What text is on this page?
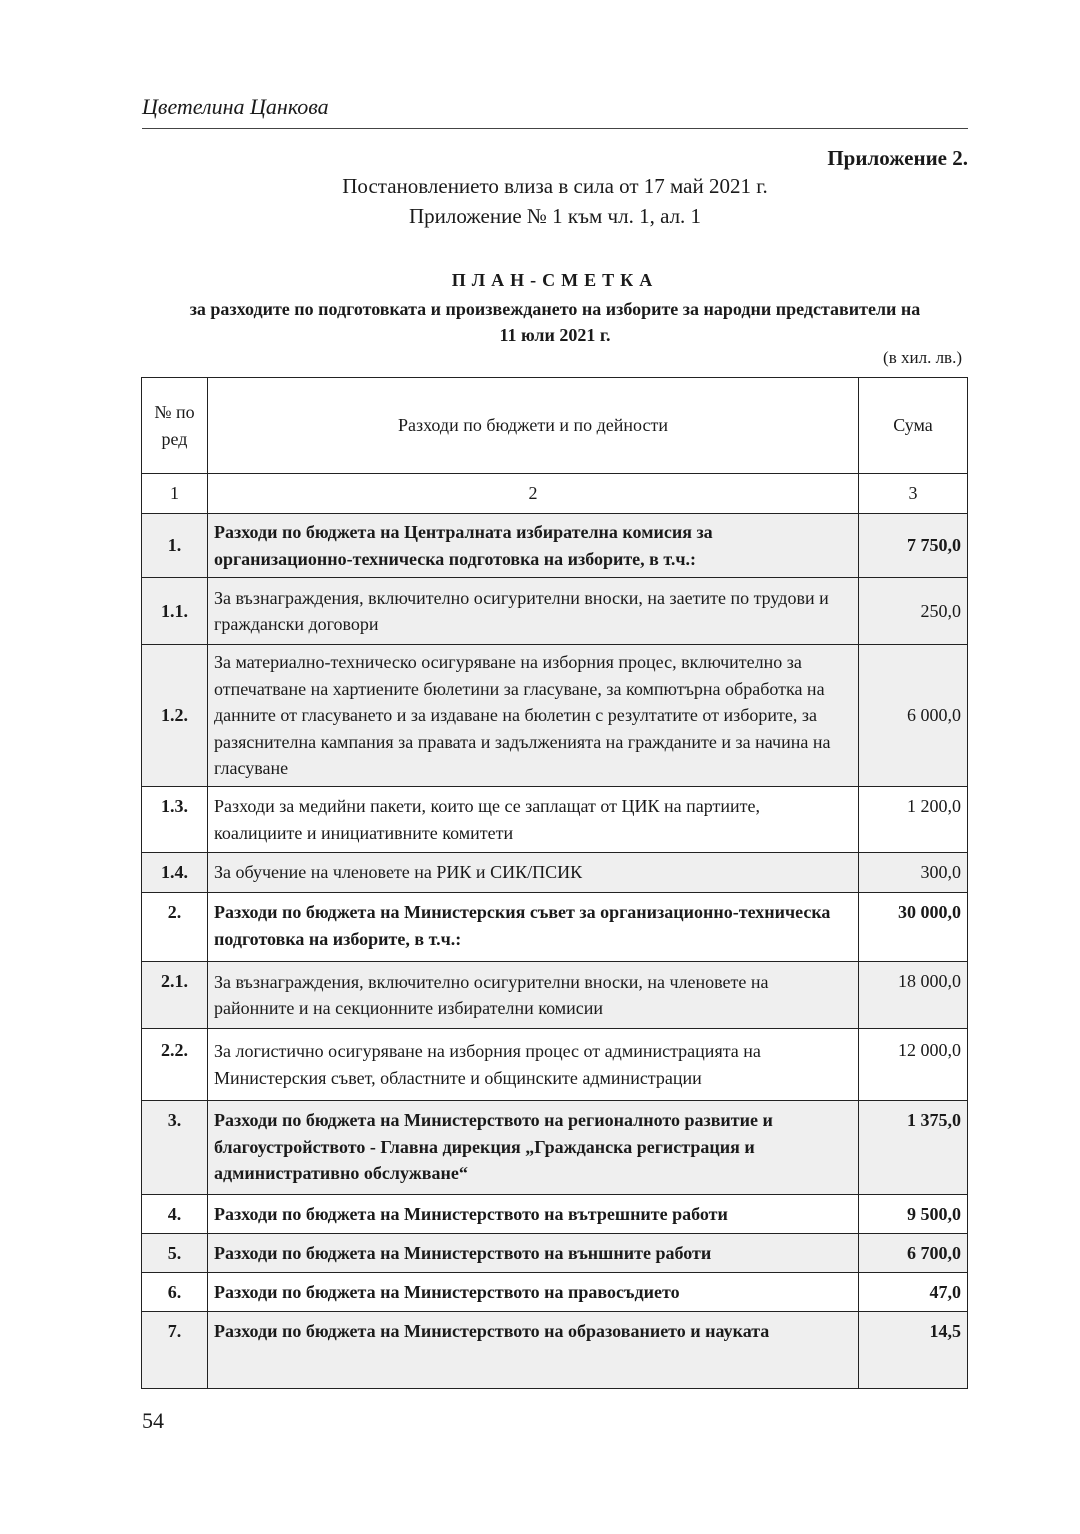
Цветелина Цанкова
Приложение 2.
Постановлението влиза в сила от 17 май 2021 г.
Приложение № 1 към чл. 1, ал. 1
ПЛАН-СМЕТКА
за разходите по подготовката и произвеждането на изборите за народни представители на 11 юли 2021 г.
(в хил. лв.)
№ по ред	Разходи по бюджети и по дейности	Сума
1	2	3
1.	Разходи по бюджета на Централната избирателна комисия за организационно-техническа подготовка на изборите, в т.ч.:	7 750,0
1.1.	За възнаграждения, включително осигурителни вноски, на заетите по трудови и граждански договори	250,0
1.2.	За материално-техническо осигуряване на изборния процес, включително за отпечатване на хартиените бюлетини за гласуване, за компютърна обработка на данните от гласуването и за издаване на бюлетин с резултатите от изборите, за разяснителна кампания за правата и задълженията на гражданите и за начина на гласуване	6 000,0
1.3.	Разходи за медийни пакети, които ще се заплащат от ЦИК на партиите, коалициите и инициативните комитети	1 200,0
1.4.	За обучение на членовете на РИК и СИК/ПСИК	300,0
2.	Разходи по бюджета на Министерския съвет за организационно-техническа подготовка на изборите, в т.ч.:	30 000,0
2.1.	За възнаграждения, включително осигурителни вноски, на членовете на районните и на секционните избирателни комисии	18 000,0
2.2.	За логистично осигуряване на изборния процес от администрацията на Министерския съвет, областните и общинските администрации	12 000,0
3.	Разходи по бюджета на Министерството на регионалното развитие и благоустройството - Главна дирекция „Гражданска регистрация и административно обслужване“	1 375,0
4.	Разходи по бюджета на Министерството на вътрешните работи	9 500,0
5.	Разходи по бюджета на Министерството на външните работи	6 700,0
6.	Разходи по бюджета на Министерството на правосъдието	47,0
7.	Разходи по бюджета на Министерството на образованието и науката	14,5
54
